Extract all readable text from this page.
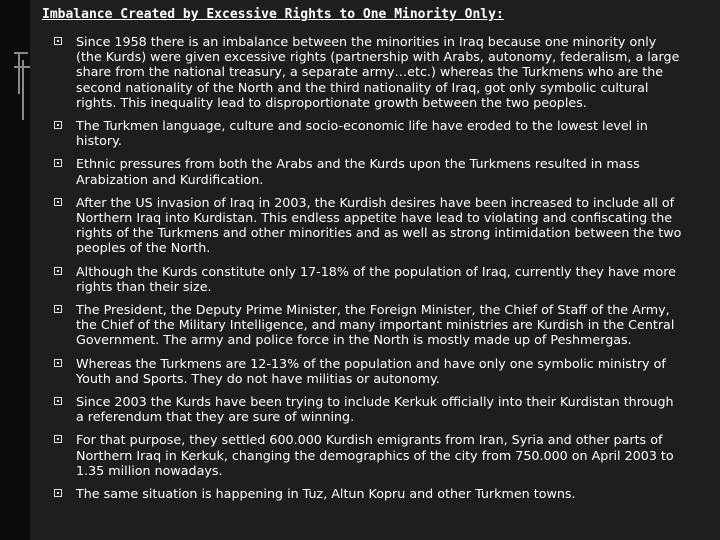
Imbalance Created by Excessive Rights to One Minority Only:
Since 1958 there is an imbalance between the minorities in Iraq because one minority only (the Kurds) were given excessive rights (partnership with Arabs, autonomy, federalism, a large share from the national treasury, a separate army…etc.) whereas the Turkmens who are the second nationality of the North and the third nationality of Iraq, got only symbolic cultural rights. This inequality lead to disproportionate growth between the two peoples.
The Turkmen language, culture and socio-economic life have eroded to the lowest level in history.
Ethnic pressures from both the Arabs and the Kurds upon the Turkmens resulted in mass Arabization and Kurdification.
After the US invasion of Iraq in 2003, the Kurdish desires have been increased to include all of Northern Iraq into Kurdistan. This endless appetite have lead to violating and confiscating the rights of the Turkmens and other minorities and as well as strong intimidation between the two peoples of the North.
Although the Kurds constitute only 17-18% of the population of Iraq, currently they have more rights than their size.
The President, the Deputy Prime Minister, the Foreign Minister, the Chief of Staff of the Army, the Chief of the Military Intelligence, and many important ministries are Kurdish in the Central Government. The army and police force in the North is mostly made up of Peshmergas.
Whereas the Turkmens are 12-13% of the population and have only one symbolic ministry of Youth and Sports. They do not have militias or autonomy.
Since 2003 the Kurds have been trying to include Kerkuk officially into their Kurdistan through a referendum that they are sure of winning.
For that purpose, they settled 600.000 Kurdish emigrants from Iran, Syria and other parts of Northern Iraq in Kerkuk, changing the demographics of the city from 750.000 on April 2003 to 1.35 million nowadays.
The same situation is happening in Tuz, Altun Kopru and other Turkmen towns.
